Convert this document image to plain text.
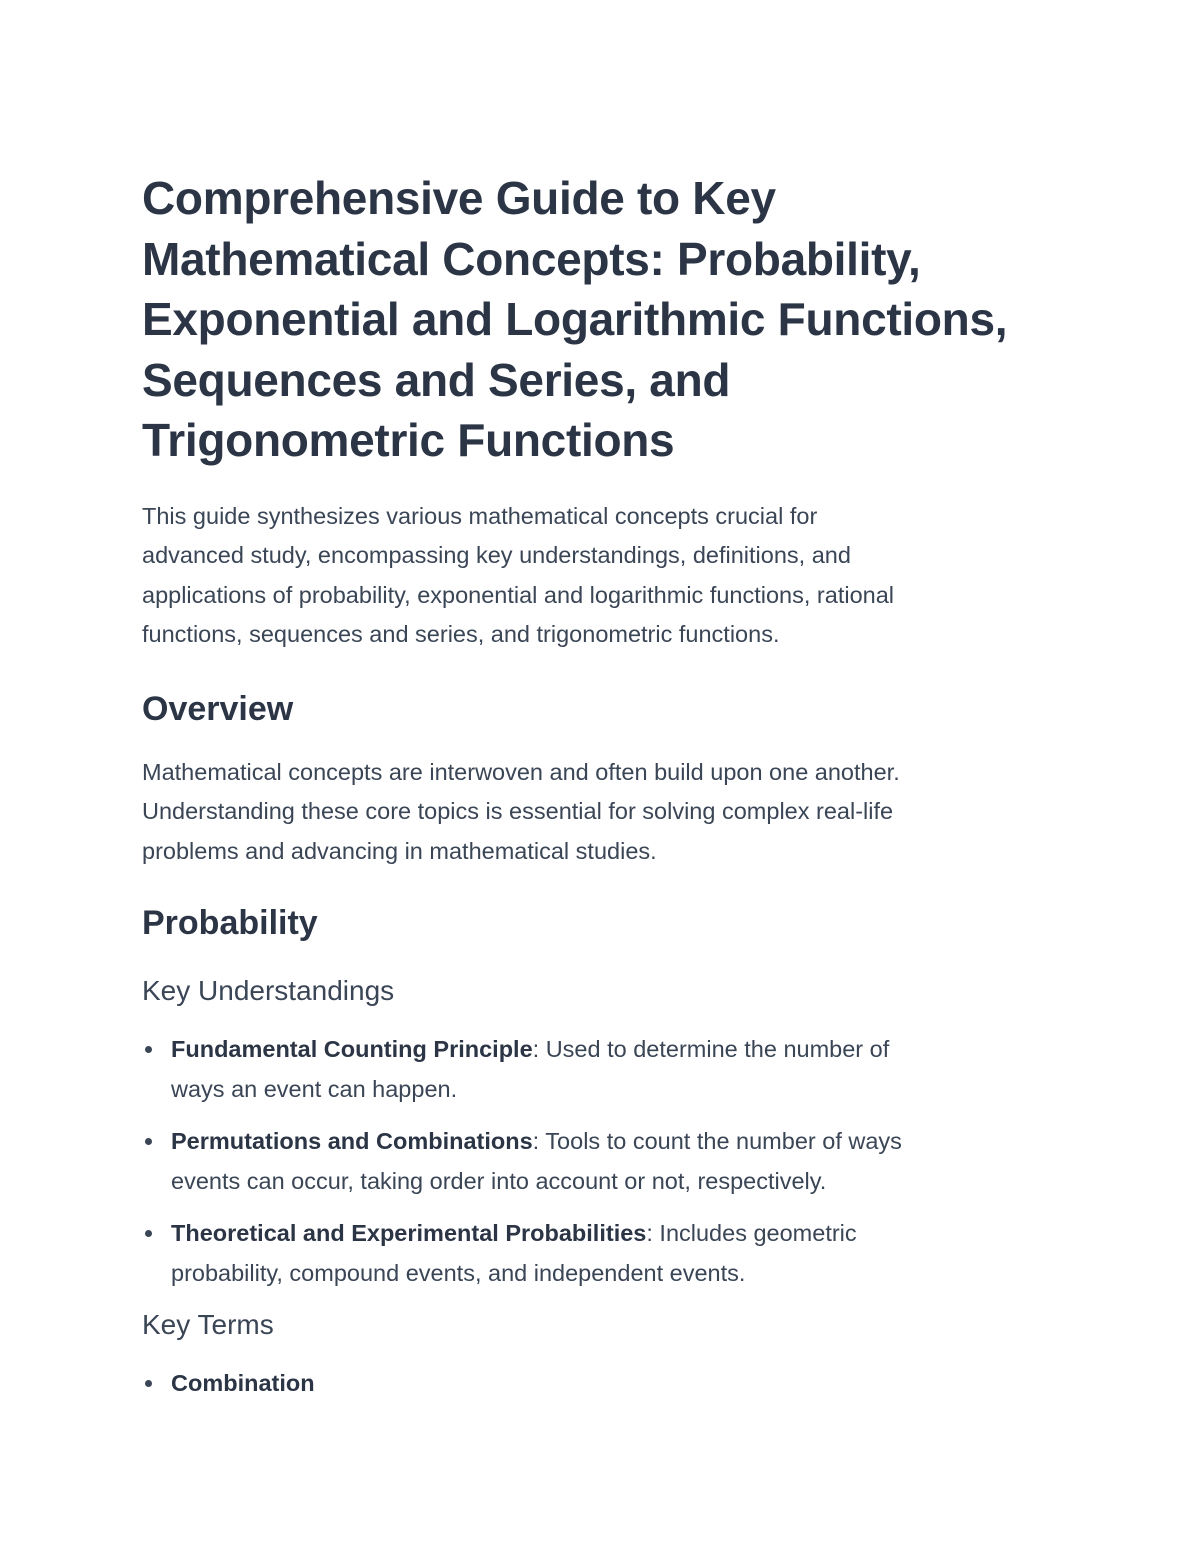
Comprehensive Guide to Key
Mathematical Concepts: Probability,
Exponential and Logarithmic Functions,
Sequences and Series, and
Trigonometric Functions

This guide synthesizes various mathematical concepts crucial for
advanced study, encompassing key understandings, definitions, and
applications of probability, exponential and logarithmic functions, rational
functions, sequences and series, and trigonometric functions.

Overview

Mathematical concepts are interwoven and often build upon one another.
Understanding these core topics is essential for solving complex real-life
problems and advancing in mathematical studies.

Probability
Key Understandings
Fundamental Counting Principle: Used to determine the number of
ways an event can happen.
Permutations and Combinations: Tools to count the number of ways
events can occur, taking order into account or not, respectively.
Theoretical and Experimental Probabilities: Includes geometric
probability, compound events, and independent events.
Key Terms
Combination
